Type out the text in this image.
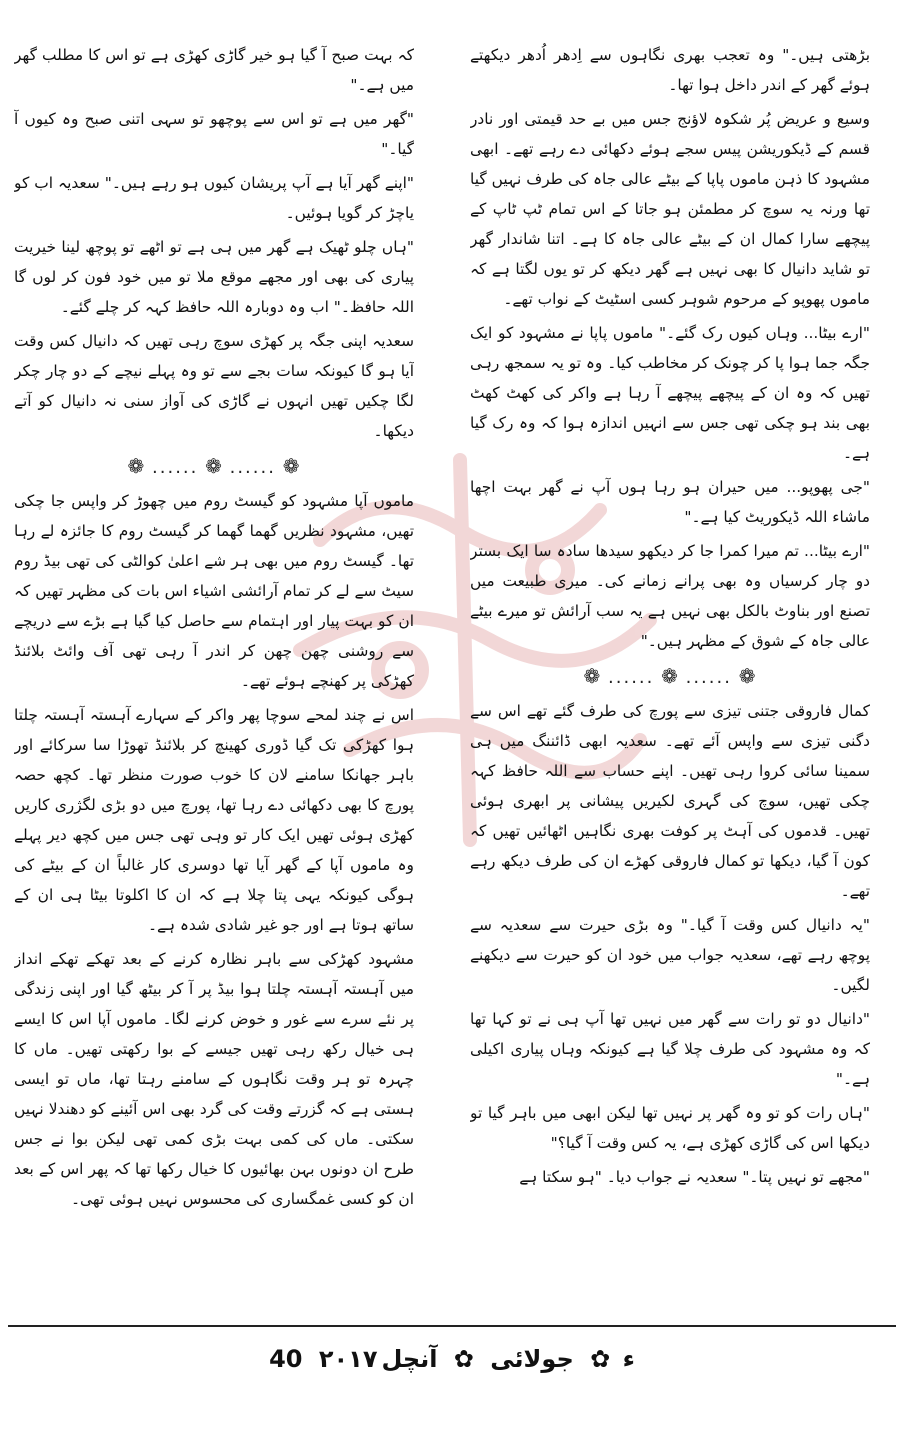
بڑھتی ہیں۔" وہ تعجب بھری نگاہوں سے اِدھر اُدھر دیکھتے ہوئے گھر کے اندر داخل ہوا تھا۔

وسیع و عریض پُر شکوہ لاؤنج جس میں بے حد قیمتی اور نادر قسم کے ڈیکوریشن پیس سجے ہوئے دکھائی دے رہے تھے۔ ابھی مشہود کا ذہن ماموں پاپا کے بیٹے عالی جاہ کی طرف نہیں گیا تھا ورنہ یہ سوچ کر مطمئن ہو جاتا کے اس تمام ٹپ ٹاپ کے پیچھے سارا کمال ان کے بیٹے عالی جاہ کا ہے۔ اتنا شاندار گھر تو شاید دانیال کا بھی نہیں ہے گھر دیکھ کر تو یوں لگتا ہے کہ ماموں پھوپو کے مرحوم شوہر کسی اسٹیٹ کے نواب تھے۔

"ارے بیٹا... وہاں کیوں رک گئے۔" ماموں پاپا نے مشہود کو ایک جگہ جما ہوا پا کر چونک کر مخاطب کیا۔ وہ تو یہ سمجھ رہی تھیں کہ وہ ان کے پیچھے پیچھے آ رہا ہے واکر کی کھٹ کھٹ بھی بند ہو چکی تھی جس سے انہیں اندازہ ہوا کہ وہ رک گیا ہے۔

"جی پھوپو... میں حیران ہو رہا ہوں آپ نے گھر بہت اچھا ماشاء اللہ ڈیکوریٹ کیا ہے۔"

"ارے بیٹا... تم میرا کمرا جا کر دیکھو سیدھا سادہ سا ایک بستر دو چار کرسیاں وہ بھی پرانے زمانے کی۔ میری طبیعت میں تصنع اور بناوٹ بالکل بھی نہیں ہے یہ سب آرائش تو میرے بیٹے عالی جاہ کے شوق کے مظہر ہیں۔"

❁ ...... ❁ ...... ❁

کمال فاروقی جتنی تیزی سے پورچ کی طرف گئے تھے اس سے دگنی تیزی سے واپس آئے تھے۔ سعدیہ ابھی ڈائننگ میں ہی سمینا سائی کروا رہی تھیں۔ اپنے حساب سے اللہ حافظ کہہ چکی تھیں، سوچ کی گہری لکیریں پیشانی پر ابھری ہوئی تھیں۔ قدموں کی آہٹ پر کوفت بھری نگاہیں اٹھائیں تھیں کہ کون آ گیا، دیکھا تو کمال فاروقی کھڑے ان کی طرف دیکھ رہے تھے۔

"یہ دانیال کس وقت آ گیا۔" وہ بڑی حیرت سے سعدیہ سے پوچھ رہے تھے، سعدیہ جواب میں خود ان کو حیرت سے دیکھنے لگیں۔

"دانیال دو تو رات سے گھر میں نہیں تھا آپ ہی نے تو کہا تھا کہ وہ مشہود کی طرف چلا گیا ہے کیونکہ وہاں پیاری اکیلی ہے۔"

"ہاں رات کو تو وہ گھر پر نہیں تھا لیکن ابھی میں باہر گیا تو دیکھا اس کی گاڑی کھڑی ہے، یہ کس وقت آ گیا؟"

"مجھے تو نہیں پتا۔" سعدیہ نے جواب دیا۔ "ہو سکتا ہے

کہ بہت صبح آ گیا ہو خیر گاڑی کھڑی ہے تو اس کا مطلب گھر میں ہے۔"

"گھر میں ہے تو اس سے پوچھو تو سہی اتنی صبح وہ کیوں آ گیا۔"

"اپنے گھر آیا ہے آپ پریشان کیوں ہو رہے ہیں۔" سعدیہ اب کو یاچڑ کر گویا ہوئیں۔

"ہاں چلو ٹھیک ہے گھر میں ہی ہے تو اٹھے تو پوچھ لینا خیریت پیاری کی بھی اور مجھے موقع ملا تو میں خود فون کر لوں گا اللہ حافظ۔" اب وہ دوبارہ اللہ حافظ کہہ کر چلے گئے۔

سعدیہ اپنی جگہ پر کھڑی سوچ رہی تھیں کہ دانیال کس وقت آیا ہو گا کیونکہ سات بجے سے تو وہ پہلے نیچے کے دو چار چکر لگا چکیں تھیں انہوں نے گاڑی کی آواز سنی نہ دانیال کو آتے دیکھا۔

❁ ...... ❁ ...... ❁

ماموں آپا مشہود کو گیسٹ روم میں چھوڑ کر واپس جا چکی تھیں، مشہود نظریں گھما گھما کر گیسٹ روم کا جائزہ لے رہا تھا۔ گیسٹ روم میں بھی ہر شے اعلیٰ کوالٹی کی تھی بیڈ روم سیٹ سے لے کر تمام آرائشی اشیاء اس بات کی مظہر تھیں کہ ان کو بہت پیار اور اہتمام سے حاصل کیا گیا ہے بڑے سے دریچے سے روشنی چھن چھن کر اندر آ رہی تھی آف وائٹ بلائنڈ کھڑکی پر کھنچے ہوئے تھے۔

اس نے چند لمحے سوچا پھر واکر کے سہارے آہستہ آہستہ چلتا ہوا کھڑکی تک گیا ڈوری کھینچ کر بلائنڈ تھوڑا سا سرکائے اور باہر جھانکا سامنے لان کا خوب صورت منظر تھا۔ کچھ حصہ پورچ کا بھی دکھائی دے رہا تھا، پورچ میں دو بڑی لگژری کاریں کھڑی ہوئی تھیں ایک کار تو وہی تھی جس میں کچھ دیر پہلے وہ ماموں آپا کے گھر آیا تھا دوسری کار غالباً ان کے بیٹے کی ہوگی کیونکہ یہی پتا چلا ہے کہ ان کا اکلوتا بیٹا ہی ان کے ساتھ ہوتا ہے اور جو غیر شادی شدہ ہے۔

مشہود کھڑکی سے باہر نظارہ کرنے کے بعد تھکے تھکے انداز میں آہستہ آہستہ چلتا ہوا بیڈ پر آ کر بیٹھ گیا اور اپنی زندگی پر نئے سرے سے غور و خوض کرنے لگا۔ ماموں آپا اس کا ایسے ہی خیال رکھ رہی تھیں جیسے کے بوا رکھتی تھیں۔ ماں کا چہرہ تو ہر وقت نگاہوں کے سامنے رہتا تھا، ماں تو ایسی ہستی ہے کہ گزرتے وقت کی گرد بھی اس آئینے کو دھندلا نہیں سکتی۔ ماں کی کمی بہت بڑی کمی تھی لیکن بوا نے جس طرح ان دونوں بہن بھائیوں کا خیال رکھا تھا کہ پھر اس کے بعد ان کو کسی غمگساری کی محسوس نہیں ہوئی تھی۔

40 ۲۰۱۷ء ✿ جولائی ✿ آنچل
